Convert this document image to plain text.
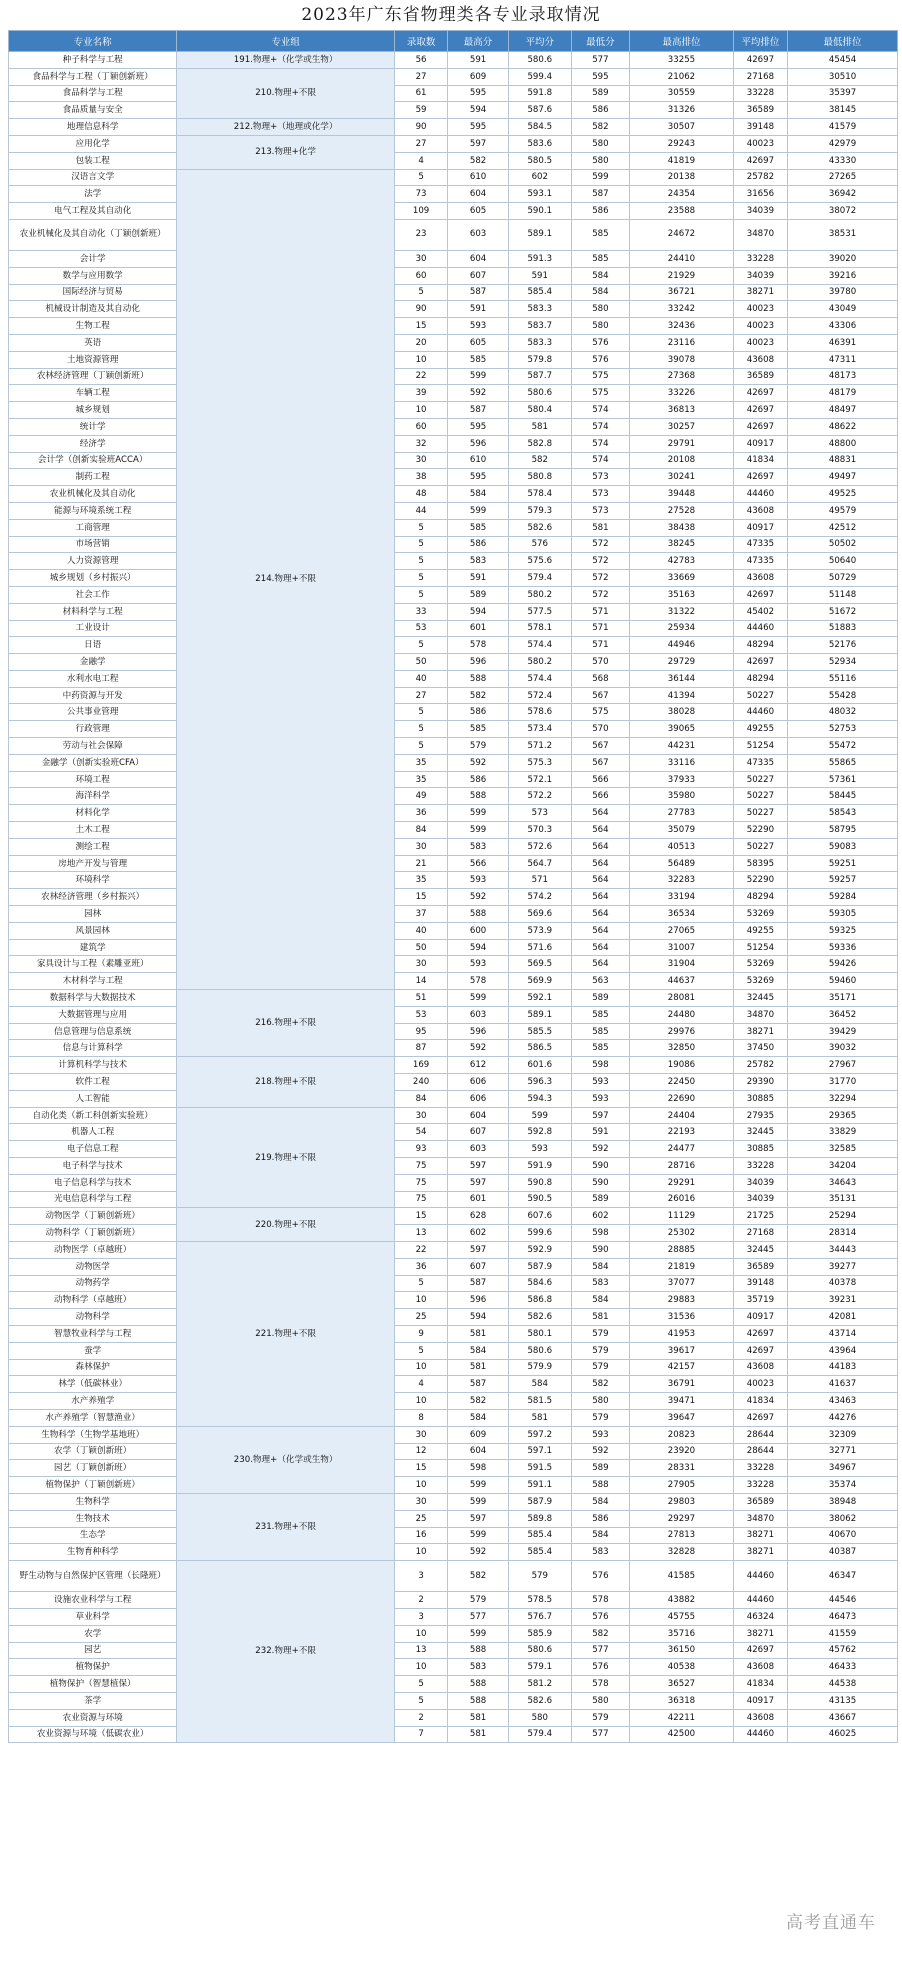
2023年广东省物理类各专业录取情况
专业名称	专业组	录取数	最高分	平均分	最低分	最高排位	平均排位	最低排位
种子科学与工程	191.物理+（化学或生物）	56	591	580.6	577	33255	42697	45454
食品科学与工程（丁颖创新班）	210.物理+不限	27	609	599.4	595	21062	27168	30510
食品科学与工程		61	595	591.8	589	30559	33228	35397
食品质量与安全		59	594	587.6	586	31326	36589	38145
地理信息科学	212.物理+（地理或化学）	90	595	584.5	582	30507	39148	41579
应用化学	213.物理+化学	27	597	583.6	580	29243	40023	42979
包装工程		4	582	580.5	580	41819	42697	43330
汉语言文学	214.物理+不限	5	610	602	599	20138	25782	27265
法学		73	604	593.1	587	24354	31656	36942
电气工程及其自动化		109	605	590.1	586	23588	34039	38072
农业机械化及其自动化（丁颖创新班）		23	603	589.1	585	24672	34870	38531
会计学		30	604	591.3	585	24410	33228	39020
数学与应用数学		60	607	591	584	21929	34039	39216
国际经济与贸易		5	587	585.4	584	36721	38271	39780
机械设计制造及其自动化		90	591	583.3	580	33242	40023	43049
生物工程		15	593	583.7	580	32436	40023	43306
英语		20	605	583.3	576	23116	40023	46391
土地资源管理		10	585	579.8	576	39078	43608	47311
农林经济管理（丁颖创新班）		22	599	587.7	575	27368	36589	48173
车辆工程		39	592	580.6	575	33226	42697	48179
城乡规划		10	587	580.4	574	36813	42697	48497
统计学		60	595	581	574	30257	42697	48622
经济学		32	596	582.8	574	29791	40917	48800
会计学（创新实验班ACCA）		30	610	582	574	20108	41834	48831
制药工程		38	595	580.8	573	30241	42697	49497
农业机械化及其自动化		48	584	578.4	573	39448	44460	49525
能源与环境系统工程		44	599	579.3	573	27528	43608	49579
工商管理		5	585	582.6	581	38438	40917	42512
市场营销		5	586	576	572	38245	47335	50502
人力资源管理		5	583	575.6	572	42783	47335	50640
城乡规划（乡村振兴）		5	591	579.4	572	33669	43608	50729
社会工作		5	589	580.2	572	35163	42697	51148
材料科学与工程		33	594	577.5	571	31322	45402	51672
工业设计		53	601	578.1	571	25934	44460	51883
日语		5	578	574.4	571	44946	48294	52176
金融学		50	596	580.2	570	29729	42697	52934
水利水电工程		40	588	574.4	568	36144	48294	55116
中药资源与开发		27	582	572.4	567	41394	50227	55428
公共事业管理		5	586	578.6	575	38028	44460	48032
行政管理		5	585	573.4	570	39065	49255	52753
劳动与社会保障		5	579	571.2	567	44231	51254	55472
金融学（创新实验班CFA）		35	592	575.3	567	33116	47335	55865
环境工程		35	586	572.1	566	37933	50227	57361
海洋科学		49	588	572.2	566	35980	50227	58445
材料化学		36	599	573	564	27783	50227	58543
土木工程		84	599	570.3	564	35079	52290	58795
测绘工程		30	583	572.6	564	40513	50227	59083
房地产开发与管理		21	566	564.7	564	56489	58395	59251
环境科学		35	593	571	564	32283	52290	59257
农林经济管理（乡村振兴）		15	592	574.2	564	33194	48294	59284
园林		37	588	569.6	564	36534	53269	59305
风景园林		40	600	573.9	564	27065	49255	59325
建筑学		50	594	571.6	564	31007	51254	59336
家具设计与工程（素雕亚班）		30	593	569.5	564	31904	53269	59426
木材科学与工程		14	578	569.9	563	44637	53269	59460
数据科学与大数据技术	216.物理+不限	51	599	592.1	589	28081	32445	35171
大数据管理与应用		53	603	589.1	585	24480	34870	36452
信息管理与信息系统		95	596	585.5	585	29976	38271	39429
信息与计算科学		87	592	586.5	585	32850	37450	39032
计算机科学与技术	218.物理+不限	169	612	601.6	598	19086	25782	27967
软件工程		240	606	596.3	593	22450	29390	31770
人工智能		84	606	594.3	593	22690	30885	32294
自动化类（新工科创新实验班）	219.物理+不限	30	604	599	597	24404	27935	29365
机器人工程		54	607	592.8	591	22193	32445	33829
电子信息工程		93	603	593	592	24477	30885	32585
电子科学与技术		75	597	591.9	590	28716	33228	34204
电子信息科学与技术		75	597	590.8	590	29291	34039	34643
光电信息科学与工程		75	601	590.5	589	26016	34039	35131
动物医学（丁颖创新班）	220.物理+不限	15	628	607.6	602	11129	21725	25294
动物科学（丁颖创新班）		13	602	599.6	598	25302	27168	28314
动物医学（卓越班）	221.物理+不限	22	597	592.9	590	28885	32445	34443
动物医学		36	607	587.9	584	21819	36589	39277
动物药学		5	587	584.6	583	37077	39148	40378
动物科学（卓越班）		10	596	586.8	584	29883	35719	39231
动物科学		25	594	582.6	581	31536	40917	42081
智慧牧业科学与工程		9	581	580.1	579	41953	42697	43714
蚕学		5	584	580.6	579	39617	42697	43964
森林保护		10	581	579.9	579	42157	43608	44183
林学（低碳林业）		4	587	584	582	36791	40023	41637
水产养殖学		10	582	581.5	580	39471	41834	43463
水产养殖学（智慧渔业）		8	584	581	579	39647	42697	44276
生物科学（生物学基地班）	230.物理+（化学或生物）	30	609	597.2	593	20823	28644	32309
农学（丁颖创新班）		12	604	597.1	592	23920	28644	32771
园艺（丁颖创新班）		15	598	591.5	589	28331	33228	34967
植物保护（丁颖创新班）		10	599	591.1	588	27905	33228	35374
生物科学	231.物理+不限	30	599	587.9	584	29803	36589	38948
生物技术		25	597	589.8	586	29297	34870	38062
生态学		16	599	585.4	584	27813	38271	40670
生物育种科学		10	592	585.4	583	32828	38271	40387
野生动物与自然保护区管理（长隆班）	232.物理+不限	3	582	579	576	41585	44460	46347
设施农业科学与工程		2	579	578.5	578	43882	44460	44546
草业科学		3	577	576.7	576	45755	46324	46473
农学		10	599	585.9	582	35716	38271	41559
园艺		13	588	580.6	577	36150	42697	45762
植物保护		10	583	579.1	576	40538	43608	46433
植物保护（智慧植保）		5	588	581.2	578	36527	41834	44538
茶学		5	588	582.6	580	36318	40917	43135
农业资源与环境		2	581	580	579	42211	43608	43667
农业资源与环境（低碳农业）		7	581	579.4	577	42500	44460	46025
高考直通车
